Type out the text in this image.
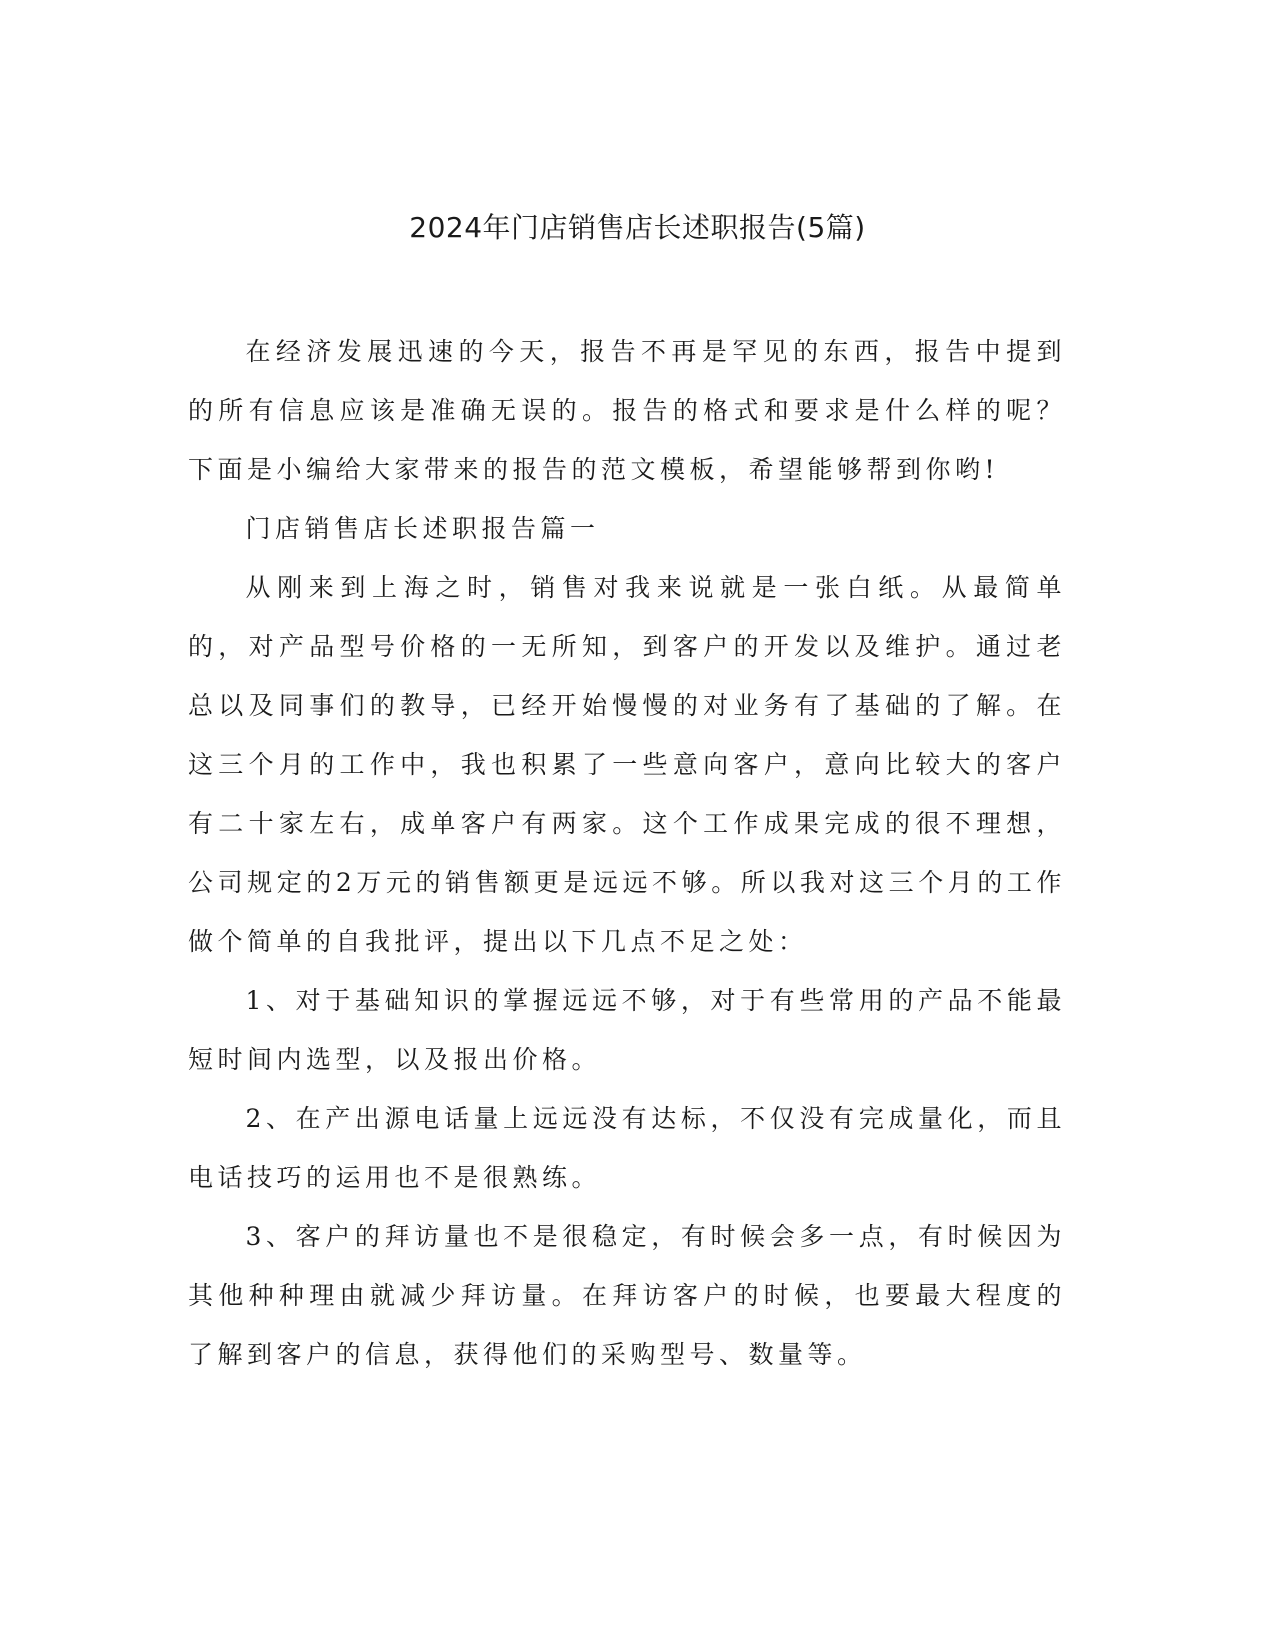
2024年门店销售店长述职报告(5篇)

在经济发展迅速的今天，报告不再是罕见的东西，报告中提到的所有信息应该是准确无误的。报告的格式和要求是什么样的呢？下面是小编给大家带来的报告的范文模板，希望能够帮到你哟!

门店销售店长述职报告篇一

从刚来到上海之时，销售对我来说就是一张白纸。从最简单的，对产品型号价格的一无所知，到客户的开发以及维护。通过老总以及同事们的教导，已经开始慢慢的对业务有了基础的了解。在这三个月的工作中，我也积累了一些意向客户，意向比较大的客户有二十家左右，成单客户有两家。这个工作成果完成的很不理想，公司规定的2万元的销售额更是远远不够。所以我对这三个月的工作做个简单的自我批评，提出以下几点不足之处：

1、对于基础知识的掌握远远不够，对于有些常用的产品不能最短时间内选型，以及报出价格。

2、在产出源电话量上远远没有达标，不仅没有完成量化，而且电话技巧的运用也不是很熟练。

3、客户的拜访量也不是很稳定，有时候会多一点，有时候因为其他种种理由就减少拜访量。在拜访客户的时候，也要最大程度的了解到客户的信息，获得他们的采购型号、数量等。
